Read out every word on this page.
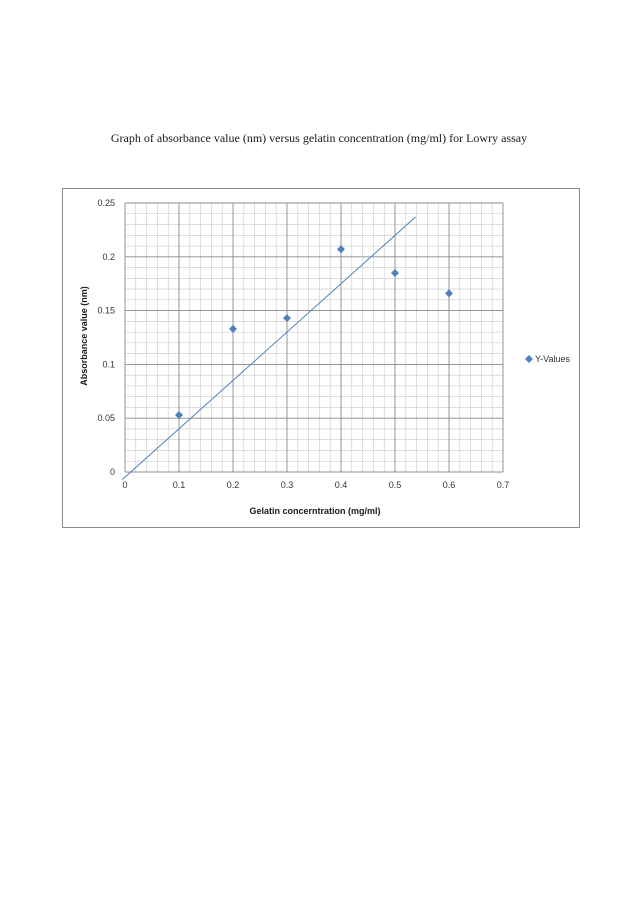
Graph of absorbance value (nm) versus gelatin concentration (mg/ml) for Lowry assay
0	0.1	0.2	0.3	0.4	0.5	0.6	0.7
0
0.05
0.1
0.15
0.2
0.25
Gelatin concerntration (mg/ml)
Absorbance value (nm)	Y-Values
